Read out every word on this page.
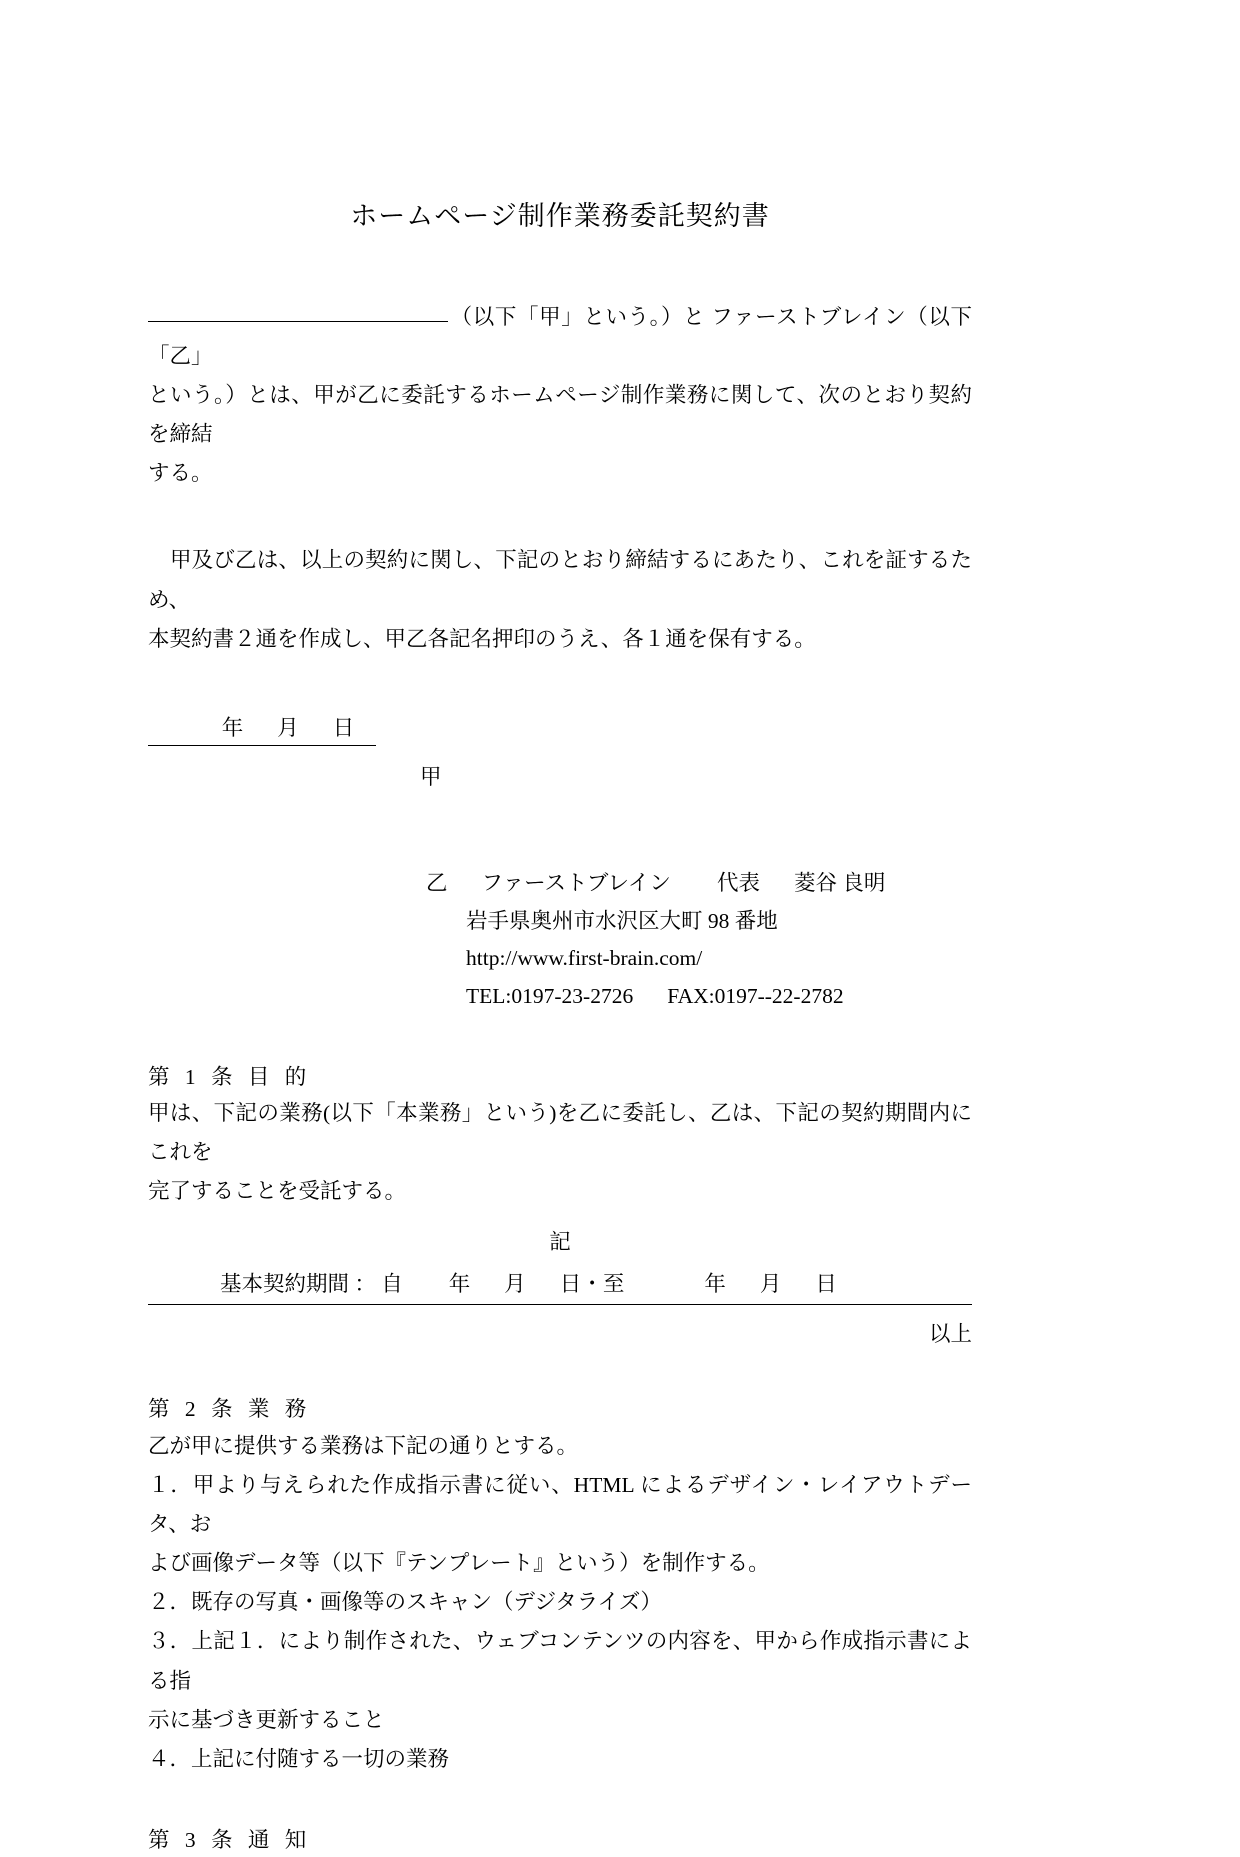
ホームページ制作業務委託契約書
（以下「甲」という。）と ファーストブレイン（以下「乙」
という。）とは、甲が乙に委託するホームページ制作業務に関して、次のとおり契約を締結
する。
甲及び乙は、以上の契約に関し、下記のとおり締結するにあたり、これを証するため、
本契約書２通を作成し、甲乙各記名押印のうえ、各１通を保有する。
年 月 日
甲
乙 ファーストブレイン 代表 菱谷 良明
岩手県奥州市水沢区大町 98 番地
http://www.first-brain.com/
TEL:0197-23-2726 FAX:0197--22-2782
第 1 条 目 的
甲は、下記の業務(以下「本業務」という)を乙に委託し、乙は、下記の契約期間内にこれを
完了することを受託する。
記
基本契約期間 ： 自 年 月 日・至	年 月 日
以上
第 2 条 業 務
乙が甲に提供する業務は下記の通りとする。
１．甲より与えられた作成指示書に従い、HTML によるデザイン・レイアウトデータ、お
よび画像データ等（以下『テンプレート』という）を制作する。
２．既存の写真・画像等のスキャン（デジタライズ）
３．上記１．により制作された、ウェブコンテンツの内容を、甲から作成指示書による指
示に基づき更新すること
４．上記に付随する一切の業務
第 3 条 通 知
